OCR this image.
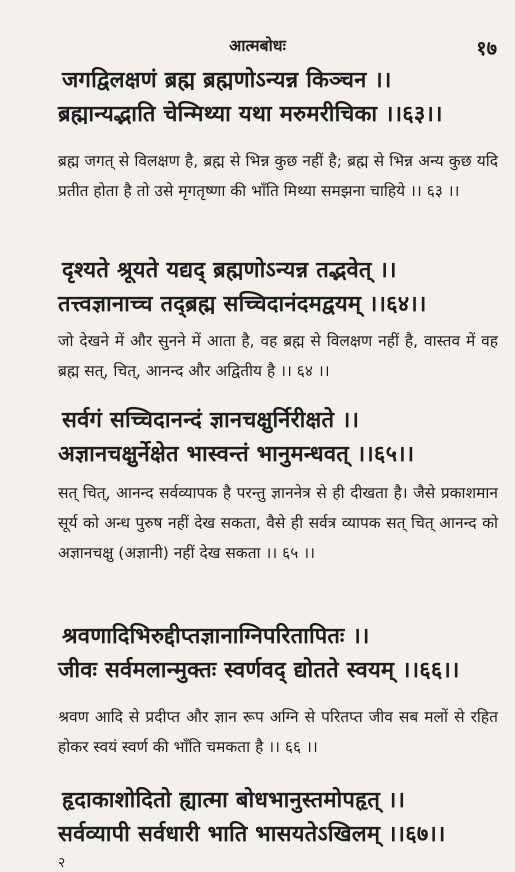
आत्मबोधः	१७
जगद्विलक्षणं ब्रह्म ब्रह्मणोऽन्यन्न किञ्चन ।।
ब्रह्मान्यद्भाति चेन्मिथ्या यथा मरुमरीचिका ।।६३।।

ब्रह्म जगत् से विलक्षण है, ब्रह्म से भिन्न कुछ नहीं है; ब्रह्म से भिन्न अन्य कुछ यदि प्रतीत होता है तो उसे मृगतृष्णा की भाँति मिथ्या समझना चाहिये ।। ६३ ।।

दृश्यते श्रूयते यद्यद् ब्रह्मणोऽन्यन्न तद्भवेत् ।।
तत्त्वज्ञानाच्च तद्ब्रह्म सच्चिदानंदमद्वयम् ।।६४।।

जो देखने में और सुनने में आता है, वह ब्रह्म से विलक्षण नहीं है, वास्तव में वह ब्रह्म सत्, चित्, आनन्द और अद्वितीय है ।। ६४ ।।

सर्वगं सच्चिदानन्दं ज्ञानचक्षुर्निरीक्षते ।।
अज्ञानचक्षुर्नेक्षेत भास्वन्तं भानुमन्धवत् ।।६५।।

सत् चित्, आनन्द सर्वव्यापक है परन्तु ज्ञाननेत्र से ही दीखता है। जैसे प्रकाशमान सूर्य को अन्ध पुरुष नहीं देख सकता, वैसे ही सर्वत्र व्यापक सत् चित् आनन्द को अज्ञानचक्षु (अज्ञानी) नहीं देख सकता ।। ६५ ।।

श्रवणादिभिरुद्दीप्तज्ञानाग्निपरितापितः ।।
जीवः सर्वमलान्मुक्तः स्वर्णवद् द्योतते स्वयम् ।।६६।।

श्रवण आदि से प्रदीप्त और ज्ञान रूप अग्नि से परितप्त जीव सब मलों से रहित होकर स्वयं स्वर्ण की भाँति चमकता है ।। ६६ ।।

हृदाकाशोदितो ह्यात्मा बोधभानुस्तमोपहृत् ।।
सर्वव्यापी सर्वधारी भाति भासयतेऽखिलम् ।।६७।।
२
